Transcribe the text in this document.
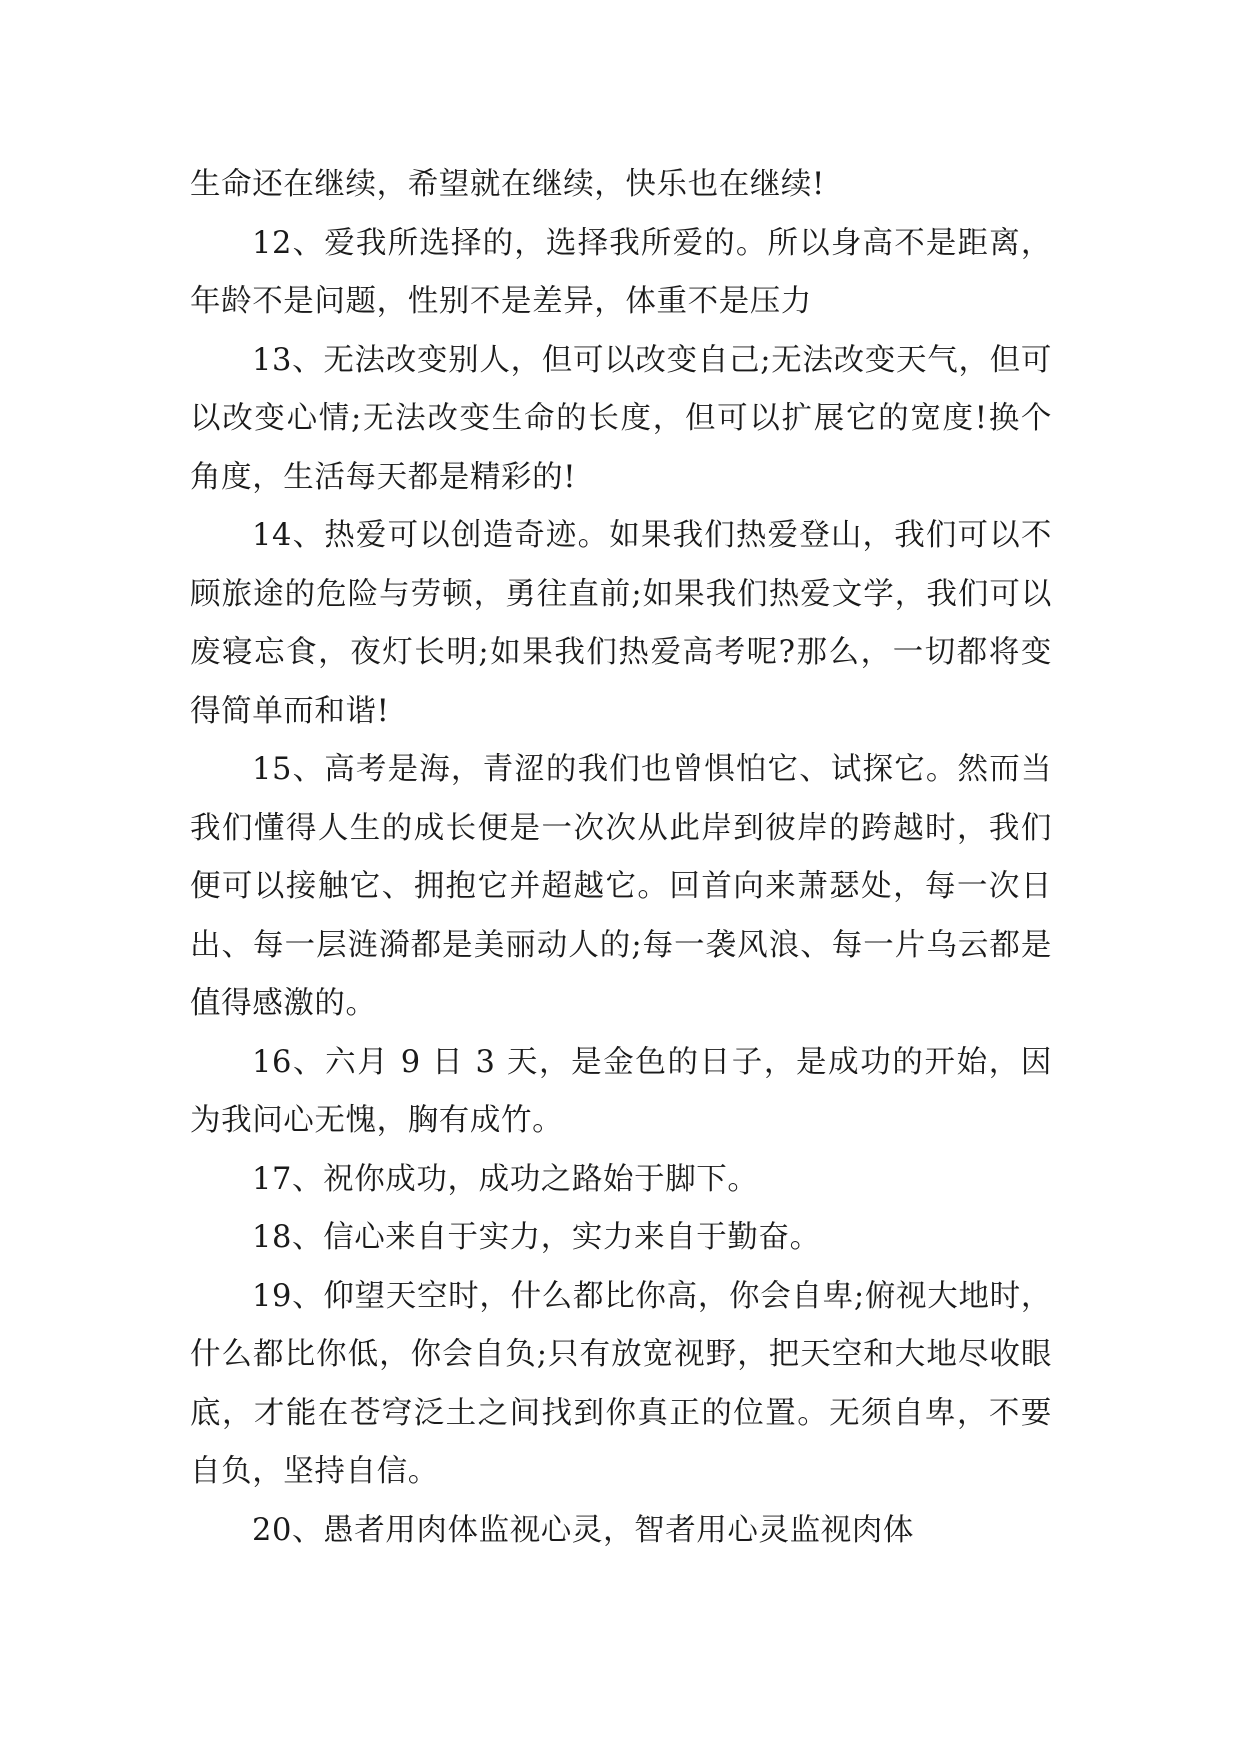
生命还在继续，希望就在继续，快乐也在继续!

12、爱我所选择的，选择我所爱的。所以身高不是距离，年龄不是问题，性别不是差异，体重不是压力

13、无法改变别人，但可以改变自己;无法改变天气，但可以改变心情;无法改变生命的长度，但可以扩展它的宽度!换个角度，生活每天都是精彩的!

14、热爱可以创造奇迹。如果我们热爱登山，我们可以不顾旅途的危险与劳顿，勇往直前;如果我们热爱文学，我们可以废寝忘食，夜灯长明;如果我们热爱高考呢?那么，一切都将变得简单而和谐!

15、高考是海，青涩的我们也曾惧怕它、试探它。然而当我们懂得人生的成长便是一次次从此岸到彼岸的跨越时，我们便可以接触它、拥抱它并超越它。回首向来萧瑟处，每一次日出、每一层涟漪都是美丽动人的;每一袭风浪、每一片乌云都是值得感激的。

16、六月 9 日 3 天，是金色的日子，是成功的开始，因为我问心无愧，胸有成竹。

17、祝你成功，成功之路始于脚下。

18、信心来自于实力，实力来自于勤奋。

19、仰望天空时，什么都比你高，你会自卑;俯视大地时，什么都比你低，你会自负;只有放宽视野，把天空和大地尽收眼底，才能在苍穹泛土之间找到你真正的位置。无须自卑，不要自负，坚持自信。

20、愚者用肉体监视心灵，智者用心灵监视肉体
